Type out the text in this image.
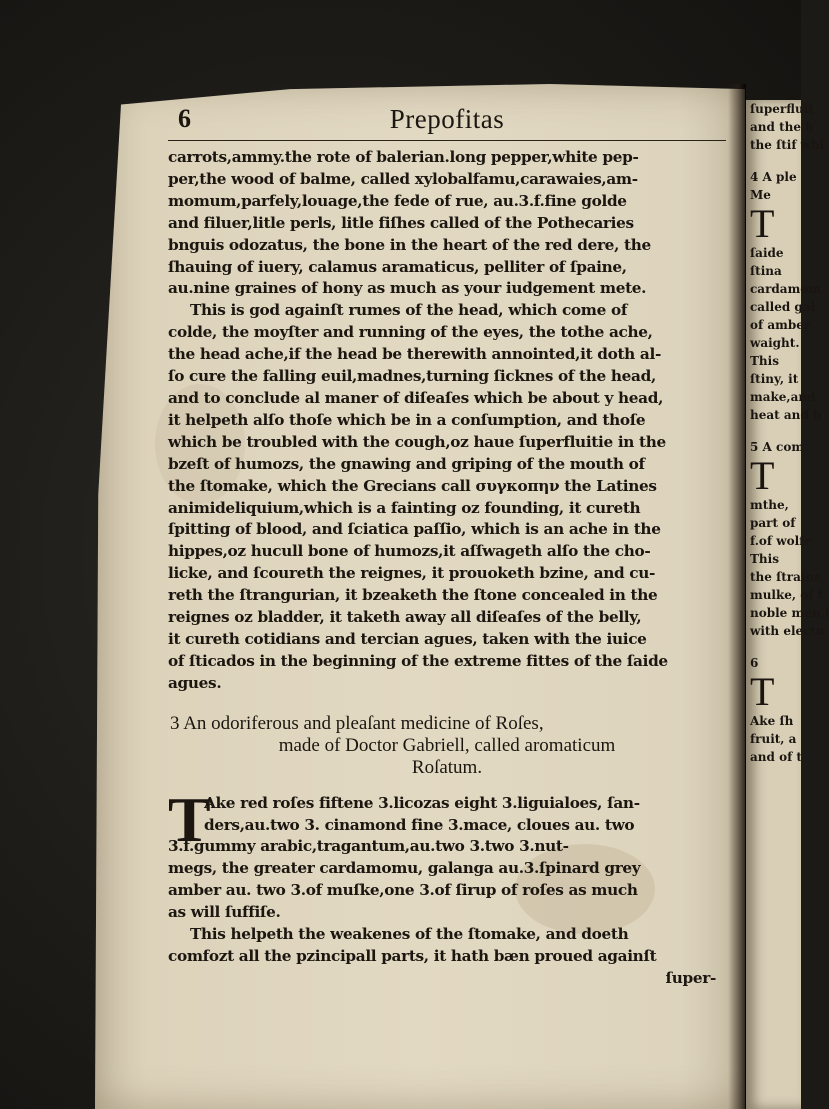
ſuperfluit
and the h
the ſtif whi
4 A ple
Me
T
ſaide
ſtina
cardamom
called gal
of amber
waight.
This
ſtiny, it
make,and
heat and b
5 A com
T
mthe,
part of
f.of wolfe
This
the ſtraine
mulke, of t
noble men i
with electu
6
T
Ake ſh
fruit, a
and of t
6	Prepofitas
carrots,ammy.the rote of balerian.long pepper,white pep-
per,the wood of balme, called xylobalfamu,carawaies,am-
momum,parfely,louage,the fede of rue, au.3.f.fine golde
and filuer,litle perls, litle fiſhes called of the Pothecaries
bnguis odozatus, the bone in the heart of the red dere, the
ſhauing of iuery, calamus aramaticus, pelliter of ſpaine,
au.nine graines of hony as much as your iudgement mete.
This is god againſt rumes of the head, which come of
colde, the moyſter and running of the eyes, the tothe ache,
the head ache,if the head be therewith annointed,it doth al-
ſo cure the falling euil,madnes,turning ſicknes of the head,
and to conclude al maner of diſeaſes which be about y head,
it helpeth alſo thoſe which be in a conſumption, and thoſe
which be troubled with the cough,oz haue ſuperfluitie in the
bzeſt of humozs, the gnawing and griping of the mouth of
the ſtomake, which the Grecians call συγκοπην the Latines
animideliquium,which is a fainting oz founding, it cureth
ſpitting of blood, and ſciatica paſſio, which is an ache in the
hippes,oz hucull bone of humozs,it aſſwageth alſo the cho-
licke, and ſcoureth the reignes, it prouoketh bzine, and cu-
reth the ſtrangurian, it bzeaketh the ſtone concealed in the
reignes oz bladder, it taketh away all diſeaſes of the belly,
it cureth cotidians and tercian agues, taken with the iuice
of ſticados in the beginning of the extreme fittes of the ſaide
agues.
3 An odoriferous and pleaſant medicine of Roſes,
made of Doctor Gabriell, called aromaticum
Roſatum.
T
Ake red roſes fiftene 3.licozas eight 3.liguialoes, ſan-
ders,au.two 3. cinamond fine 3.mace, cloues au. two
3.f.gummy arabic,tragantum,au.two 3.two 3.nut-
megs, the greater cardamomu, galanga au.3.ſpinard grey
amber au. two 3.of muſke,one 3.of ſirup of roſes as much
as will ſuffiſe.
This helpeth the weakenes of the ſtomake, and doeth
comfozt all the pzincipall parts, it hath bæn proued againſt
ſuper-
